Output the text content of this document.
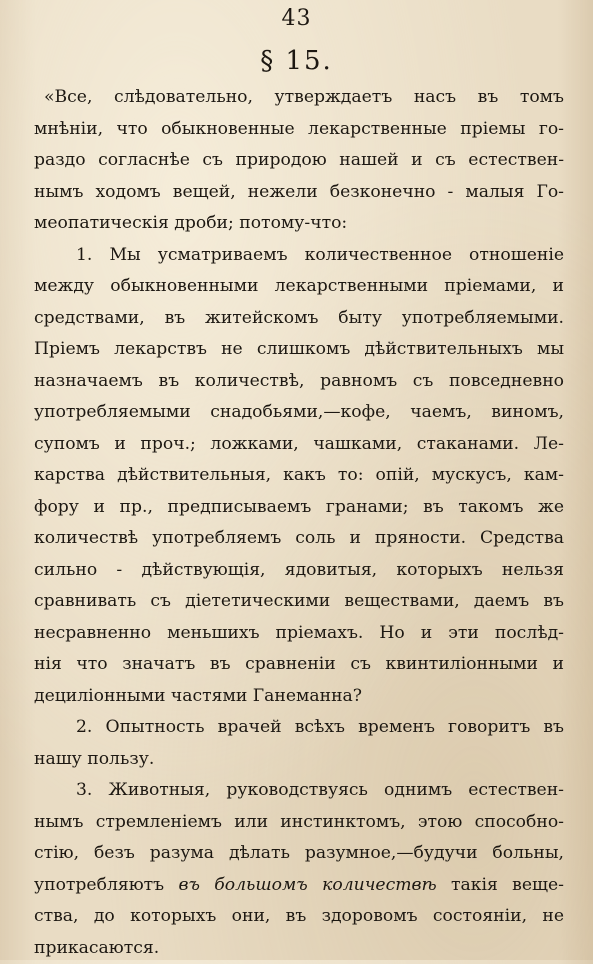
43
§ 15.
«Все, слѣдовательно, утверждаетъ насъ въ томъ
мнѣніи, что обыкновенные лекарственные пріемы го-
раздо согласнѣе съ природою нашей и съ естествен-
нымъ ходомъ вещей, нежели безконечно - малыя Го-
меопатическія дроби; потому-что:
1. Мы усматриваемъ количественное отношеніе
между обыкновенными лекарственными пріемами, и
средствами, въ житейскомъ быту употребляемыми.
Пріемъ лекарствъ не слишкомъ дѣйствительныхъ мы
назначаемъ въ количествѣ, равномъ съ повседневно
употребляемыми снадобьями,—кофе, чаемъ, виномъ,
супомъ и проч.; ложками, чашками, стаканами. Ле-
карства дѣйствительныя, какъ то: опій, мускусъ, кам-
фору и пр., предписываемъ гранами; въ такомъ же
количествѣ употребляемъ соль и пряности. Средства
сильно - дѣйствующія, ядовитыя, которыхъ нельзя
сравнивать съ діететическими веществами, даемъ въ
несравненно меньшихъ пріемахъ. Но и эти послѣд-
нія что значатъ въ сравненіи съ квинтиліонными и
дециліонными частями Ганеманна?
2. Опытность врачей всѣхъ временъ говоритъ въ
нашу пользу.
3. Животныя, руководствуясь однимъ естествен-
нымъ стремленіемъ или инстинктомъ, этою способно-
стію, безъ разума дѣлать разумное,—будучи больны,
употребляютъ въ большомъ количествѣ такія веще-
ства, до которыхъ они, въ здоровомъ состояніи, не
прикасаются.
